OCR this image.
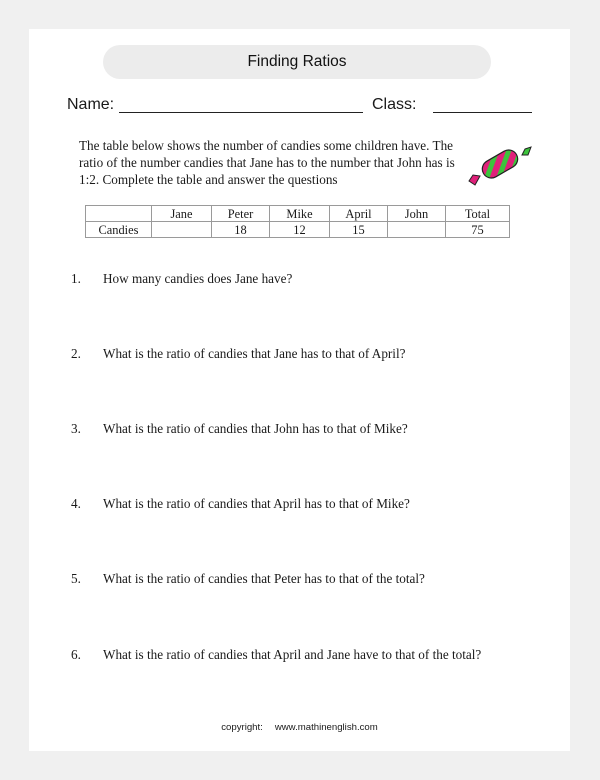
Finding Ratios
Name:	Class:
The table below shows the number of candies some children have. The ratio of the number candies that Jane has to the number that John has is 1:2. Complete the table and answer the questions
	Jane	Peter	Mike	April	John	Total
Candies		18	12	15		75
1. How many candies does Jane have?
2. What is the ratio of candies that Jane has to that of April?
3. What is the ratio of candies that John has to that of Mike?
4. What is the ratio of candies that April has to that of Mike?
5. What is the ratio of candies that Peter has to that of the total?
6. What is the ratio of candies that April and Jane have to that of the total?
copyright: www.mathinenglish.com
